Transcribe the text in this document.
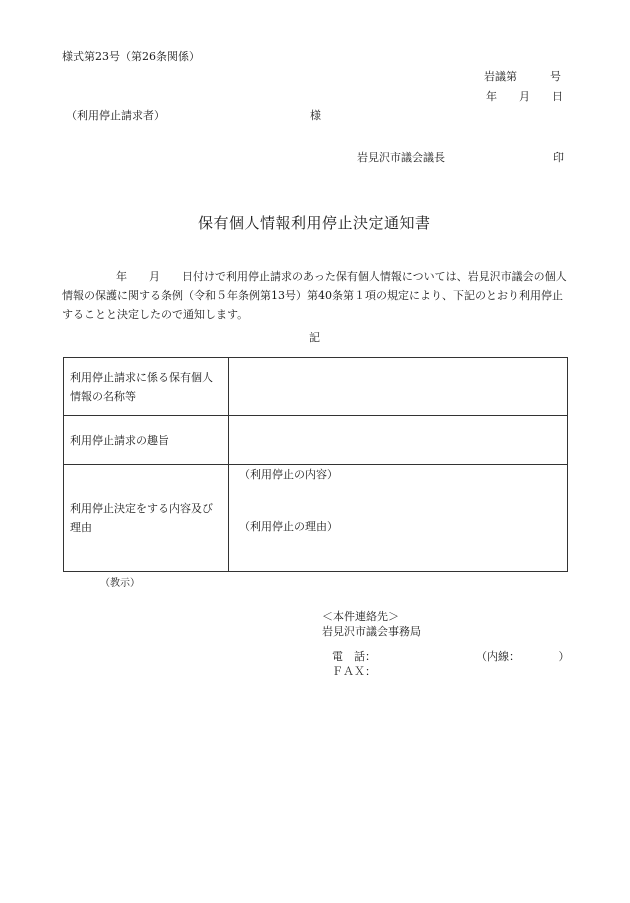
様式第23号（第26条関係）
岩議第　　　号
年　　月　　日
（利用停止請求者）	様
岩見沢市議会議長	印
保有個人情報利用停止決定通知書
年　　月　　日付けで利用停止請求のあった保有個人情報については、岩見沢市議会の個人情報の保護に関する条例（令和５年条例第13号）第40条第１項の規定により、下記のとおり利用停止することと決定したので通知します。
記
利用停止請求に係る保有個人情報の名称等	
利用停止請求の趣旨	
利用停止決定をする内容及び理由	（利用停止の内容）
（利用停止の理由）
（教示）
＜本件連絡先＞
岩見沢市議会事務局
電　話：	（内線：　　　　）
ＦＡＸ：
